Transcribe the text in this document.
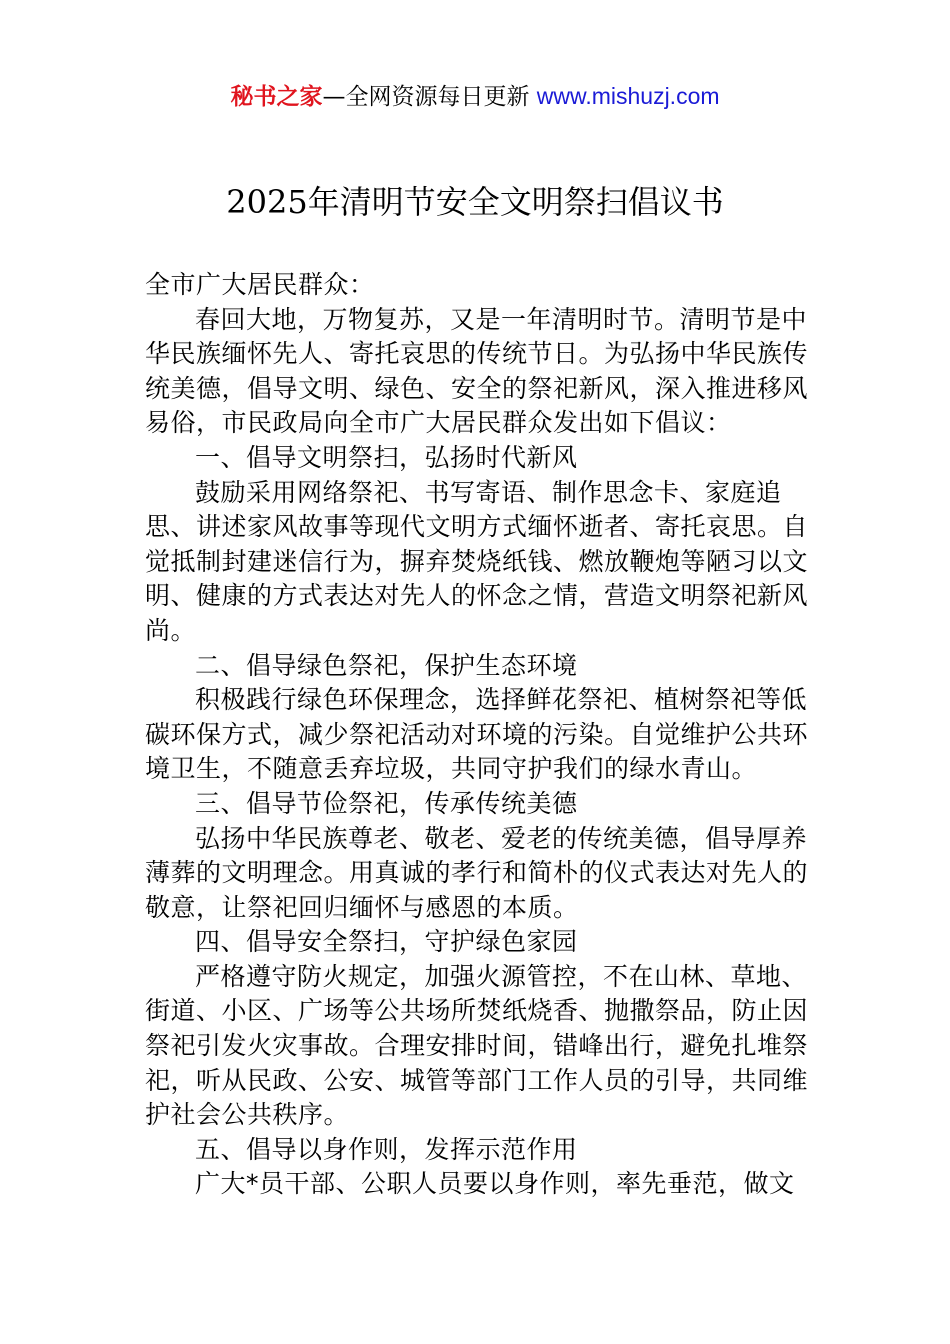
秘书之家—全网资源每日更新 www.mishuzj.com
2025年清明节安全文明祭扫倡议书

全市广大居民群众：

春回大地，万物复苏，又是一年清明时节。清明节是中华民族缅怀先人、寄托哀思的传统节日。为弘扬中华民族传统美德，倡导文明、绿色、安全的祭祀新风，深入推进移风易俗，市民政局向全市广大居民群众发出如下倡议：

一、倡导文明祭扫，弘扬时代新风

鼓励采用网络祭祀、书写寄语、制作思念卡、家庭追思、讲述家风故事等现代文明方式缅怀逝者、寄托哀思。自觉抵制封建迷信行为，摒弃焚烧纸钱、燃放鞭炮等陋习以文明、健康的方式表达对先人的怀念之情，营造文明祭祀新风尚。

二、倡导绿色祭祀，保护生态环境

积极践行绿色环保理念，选择鲜花祭祀、植树祭祀等低碳环保方式，减少祭祀活动对环境的污染。自觉维护公共环境卫生，不随意丢弃垃圾，共同守护我们的绿水青山。

三、倡导节俭祭祀，传承传统美德

弘扬中华民族尊老、敬老、爱老的传统美德，倡导厚养薄葬的文明理念。用真诚的孝行和简朴的仪式表达对先人的敬意，让祭祀回归缅怀与感恩的本质。

四、倡导安全祭扫，守护绿色家园

严格遵守防火规定，加强火源管控，不在山林、草地、街道、小区、广场等公共场所焚纸烧香、抛撒祭品，防止因祭祀引发火灾事故。合理安排时间，错峰出行，避免扎堆祭祀，听从民政、公安、城管等部门工作人员的引导，共同维护社会公共秩序。

五、倡导以身作则，发挥示范作用

广大*员干部、公职人员要以身作则，率先垂范，做文
